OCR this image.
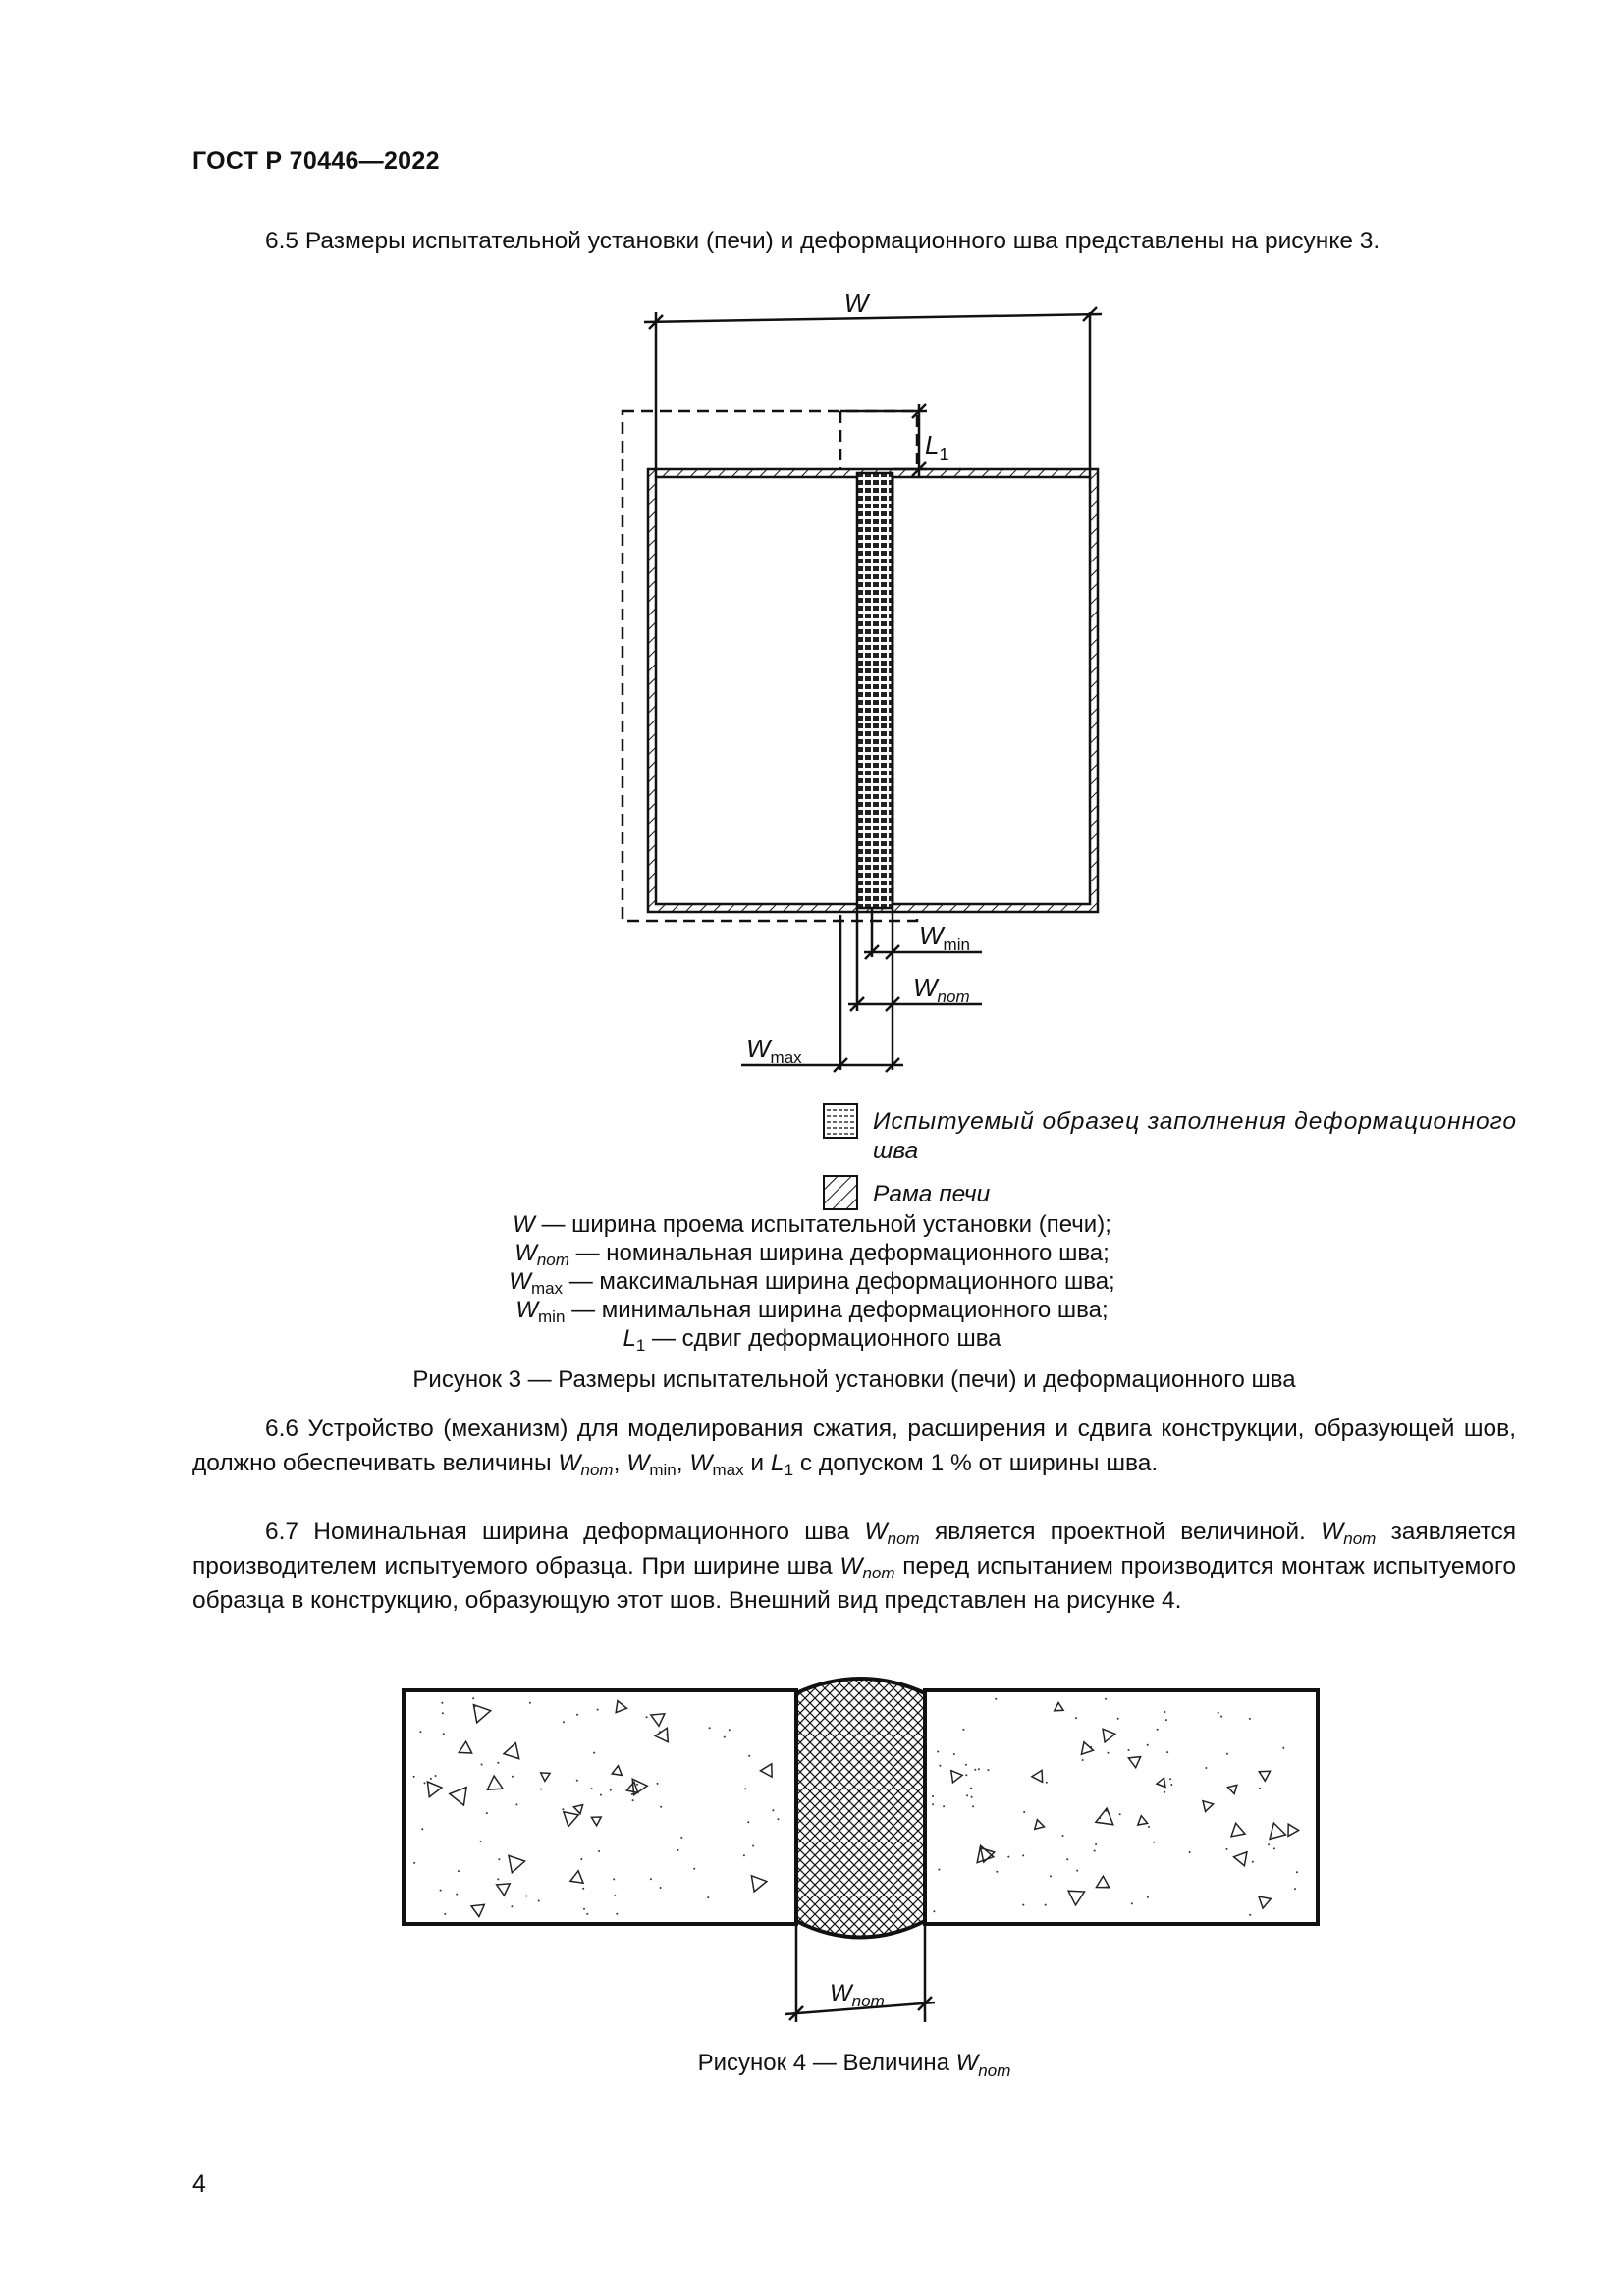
ГОСТ Р 70446—2022

6.5 Размеры испытательной установки (печи) и деформационного шва представлены на рисунке 3.

W
$L_1$
$W_{min}$
$W_{nom}$
$W_{max}$
Испытуемый образец заполнения деформационного
шва
Рама печи
W — ширина проема испытательной установки (печи);
$W_{nom}$ — номинальная ширина деформационного шва;
$W_{max}$ — максимальная ширина деформационного шва;
$W_{min}$ — минимальная ширина деформационного шва;
$L_1$ — сдвиг деформационного шва
Рисунок 3 — Размеры испытательной установки (печи) и деформационного шва

6.6 Устройство (механизм) для моделирования сжатия, расширения и сдвига конструкции, образующей шов, должно обеспечивать величины $W_{nom}$, $W_{min}$, $W_{max}$ и $L_1$ с допуском 1 % от ширины шва.

6.7 Номинальная ширина деформационного шва $W_{nom}$ является проектной величиной. $W_{nom}$ заявляется производителем испытуемого образца. При ширине шва $W_{nom}$ перед испытанием производится монтаж испытуемого образца в конструкцию, образующую этот шов. Внешний вид представлен на рисунке 4.

$W_{nom}$
Рисунок 4 — Величина $W_{nom}$
4
